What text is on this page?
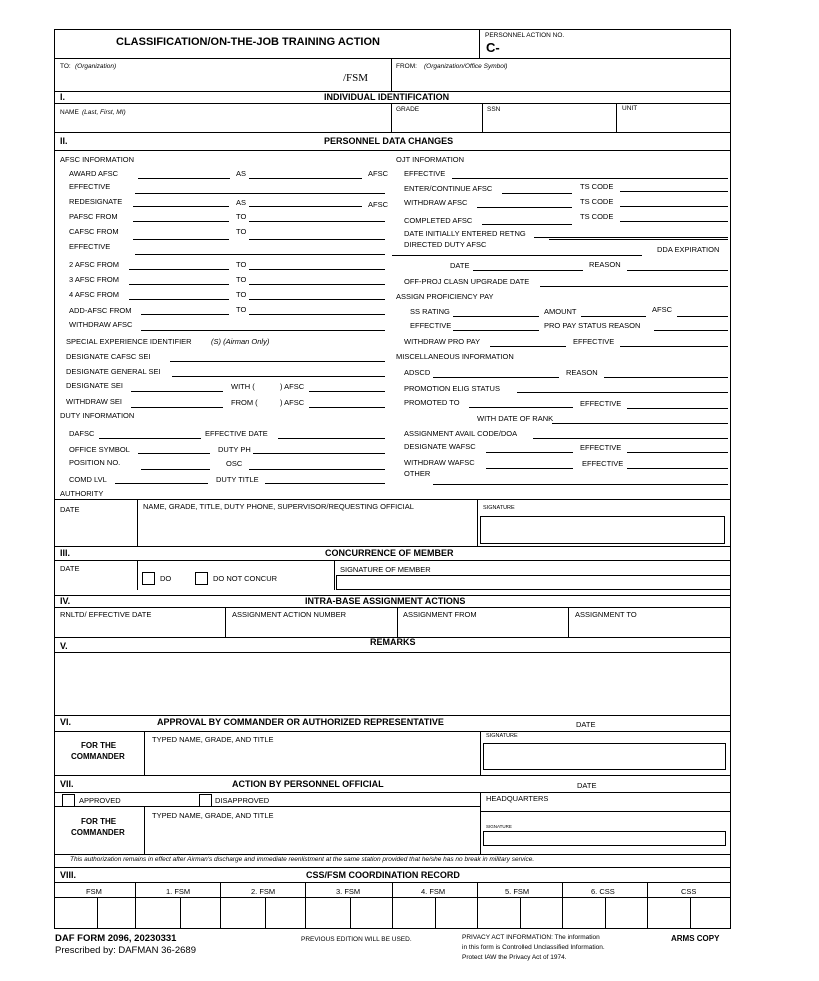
CLASSIFICATION/ON-THE-JOB TRAINING ACTION
PERSONNEL ACTION NO.
C-
TO: (Organization)
/FSM
FROM: (Organization/Office Symbol)
I.	INDIVIDUAL IDENTIFICATION
NAME (Last, First, MI)	GRADE	SSN	UNIT
II.	PERSONNEL DATA CHANGES
AFSC INFORMATION
AWARD AFSC	AS	AFSC
EFFECTIVE
REDESIGNATE	AS	AFSC
PAFSC FROM	TO
CAFSC FROM	TO
EFFECTIVE
2 AFSC FROM	TO
3 AFSC FROM	TO
4 AFSC FROM	TO
ADD-AFSC FROM	TO
WITHDRAW AFSC
SPECIAL EXPERIENCE IDENTIFIER	(S) (Airman Only)
DESIGNATE CAFSC SEI
DESIGNATE GENERAL SEI
DESIGNATE SEI	WITH (	) AFSC
WITHDRAW SEI	FROM (	) AFSC
DUTY INFORMATION
DAFSC	EFFECTIVE DATE
OFFICE SYMBOL	DUTY PH
POSITION NO.	OSC
COMD LVL	DUTY TITLE
AUTHORITY
OJT INFORMATION
EFFECTIVE
ENTER/CONTINUE AFSC	TS CODE
WITHDRAW AFSC	TS CODE
COMPLETED AFSC	TS CODE
DATE INITIALLY ENTERED RETNG
DIRECTED DUTY AFSC
DDA EXPIRATION
DATE	REASON
OFF-PROJ CLASN UPGRADE DATE
ASSIGN PROFICIENCY PAY
SS RATING	AMOUNT	AFSC
EFFECTIVE	PRO PAY STATUS REASON
WITHDRAW PRO PAY	EFFECTIVE
MISCELLANEOUS INFORMATION
ADSCD	REASON
PROMOTION ELIG STATUS
PROMOTED TO	EFFECTIVE
WITH DATE OF RANK
ASSIGNMENT AVAIL CODE/DOA
DESIGNATE WAFSC	EFFECTIVE
WITHDRAW WAFSC	EFFECTIVE
OTHER
DATE	NAME, GRADE, TITLE, DUTY PHONE, SUPERVISOR/REQUESTING OFFICIAL	SIGNATURE
III.	CONCURRENCE OF MEMBER
DATE
DO	DO NOT CONCUR
SIGNATURE OF MEMBER
IV.	INTRA-BASE ASSIGNMENT ACTIONS
RNLTD/ EFFECTIVE DATE	ASSIGNMENT ACTION NUMBER	ASSIGNMENT FROM	ASSIGNMENT TO
V.	REMARKS
VI.	APPROVAL BY COMMANDER OR AUTHORIZED REPRESENTATIVE	DATE
FOR THE
COMMANDER
TYPED NAME, GRADE, AND TITLE	SIGNATURE
VII.	ACTION BY PERSONNEL OFFICIAL	DATE
APPROVED	DISAPPROVED	HEADQUARTERS
FOR THE
COMMANDER
TYPED NAME, GRADE, AND TITLE
SIGNATURE
This authorization remains in effect after Airman's discharge and immediate reenlistment at the same station provided that he/she has no break in military service.
VIII.	CSS/FSM COORDINATION RECORD
FSM	1. FSM	2. FSM	3. FSM	4. FSM	5. FSM	6. CSS	CSS
DAF FORM 2096, 20230331
Prescribed by: DAFMAN 36-2689
PREVIOUS EDITION WILL BE USED.	PRIVACY ACT INFORMATION: The information
in this form is Controlled Unclassified Information.
Protect IAW the Privacy Act of 1974.
ARMS COPY
